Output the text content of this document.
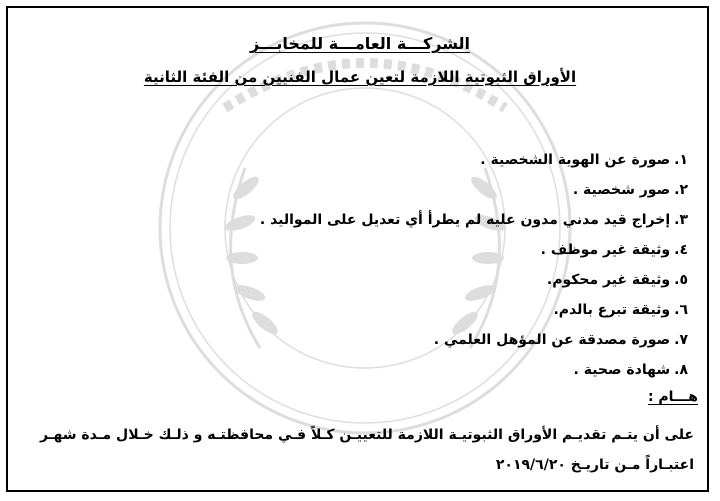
الشركـــة العامـــة للمخابـــز
الأوراق الثبوتية اللازمة لتعين عمال الفنيين من الفئة الثانية
١.صورة عن الهوية الشخصية .
٢.صور شخصية .
٣.إخراج قيد مدني مدون عليه لم يطرأ أي تعديل على المواليد .
٤.وثيقة غير موظف .
٥.وثيقة غير محكوم.
٦.وثيقة تبرع بالدم.
٧.صورة مصدقة عن المؤهل العلمي .
٨.شهادة صحية .
هـــام :
على أن يتـم تقديـم الأوراق الثبوتيـة اللازمة للتعييـن كـلاً فـي محافظتـه و ذلـك خـلال مـدة شهـر اعتبـاراً مـن تاريـخ ٢٠١٩/٦/٢٠
